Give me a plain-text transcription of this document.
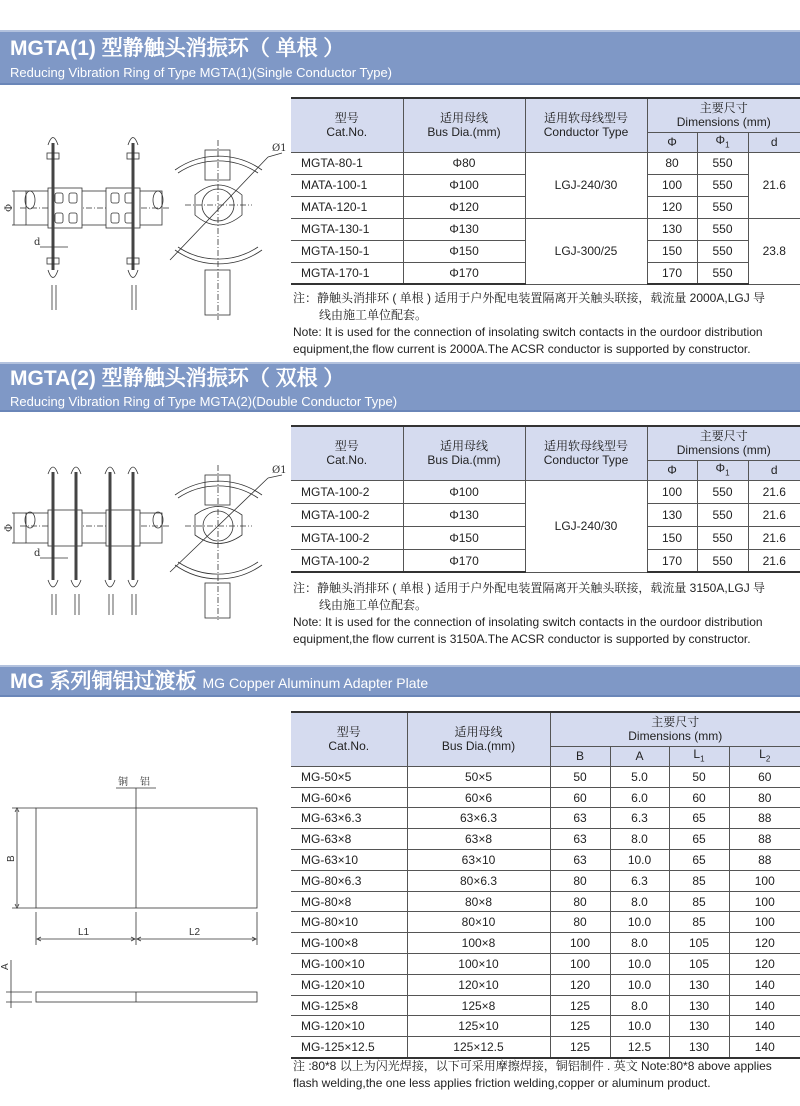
MGTA(1) 型静触头消振环（ 单根 ）
Reducing Vibration Ring of Type MGTA(1)(Single Conductor Type)
Φ
d
Ø1
型号
Cat.No.	适用母线
Bus Dia.(mm)	适用软母线型号
Conductor Type	主要尺寸
Dimensions (mm)		
			Φ	$\Phi_1$	d
MGTA-80-1	Φ80	LGJ-240/30	80	550	21.6
MATA-100-1	Φ100		100	550	
MATA-120-1	Φ120		120	550	
MGTA-130-1	Φ130	LGJ-300/25	130	550	23.8
MGTA-150-1	Φ150		150	550	
MGTA-170-1	Φ170		170	550	
注：静触头消排环 ( 单根 ) 适用于户外配电装置隔离开关触头联接，载流量 2000A,LGJ 导
线由施工单位配套。
Note: It is used for the connection of insolating switch contacts in the ourdoor distribution
equipment,the flow current is 2000A.The ACSR conductor is supported by constructor.
MGTA(2) 型静触头消振环（ 双根 ）
Reducing Vibration Ring of Type MGTA(2)(Double Conductor Type)
Φ
d
Ø1
型号
Cat.No.	适用母线
Bus Dia.(mm)	适用软母线型号
Conductor Type	主要尺寸
Dimensions (mm)		
			Φ	$\Phi_1$	d
MGTA-100-2	Φ100	LGJ-240/30	100	550	21.6
MGTA-100-2	Φ130		130	550	21.6
MGTA-100-2	Φ150		150	550	21.6
MGTA-100-2	Φ170		170	550	21.6
注：静触头消排环 ( 单根 ) 适用于户外配电装置隔离开关触头联接，载流量 3150A,LGJ 导
线由施工单位配套。
Note: It is used for the connection of insolating switch contacts in the ourdoor distribution
equipment,the flow current is 3150A.The ACSR conductor is supported by constructor.
MG 系列铜铝过渡板 MG Copper Aluminum Adapter Plate
铜 铝
B
L1	L2
A
型号
Cat.No.	适用母线
Bus Dia.(mm)	主要尺寸
Dimensions (mm)			
		B	A	$L_1$	$L_2$
MG-50×5	50×5	50	5.0	50	60
MG-60×6	60×6	60	6.0	60	80
MG-63×6.3	63×6.3	63	6.3	65	88
MG-63×8	63×8	63	8.0	65	88
MG-63×10	63×10	63	10.0	65	88
MG-80×6.3	80×6.3	80	6.3	85	100
MG-80×8	80×8	80	8.0	85	100
MG-80×10	80×10	80	10.0	85	100
MG-100×8	100×8	100	8.0	105	120
MG-100×10	100×10	100	10.0	105	120
MG-120×10	120×10	120	10.0	130	140
MG-125×8	125×8	125	8.0	130	140
MG-120×10	125×10	125	10.0	130	140
MG-125×12.5	125×12.5	125	12.5	130	140
注 :80*8 以上为闪光焊接，以下可采用摩擦焊接，铜铝制件 . 英文 Note:80*8 above applies
flash welding,the one less applies friction welding,copper or aluminum product.
